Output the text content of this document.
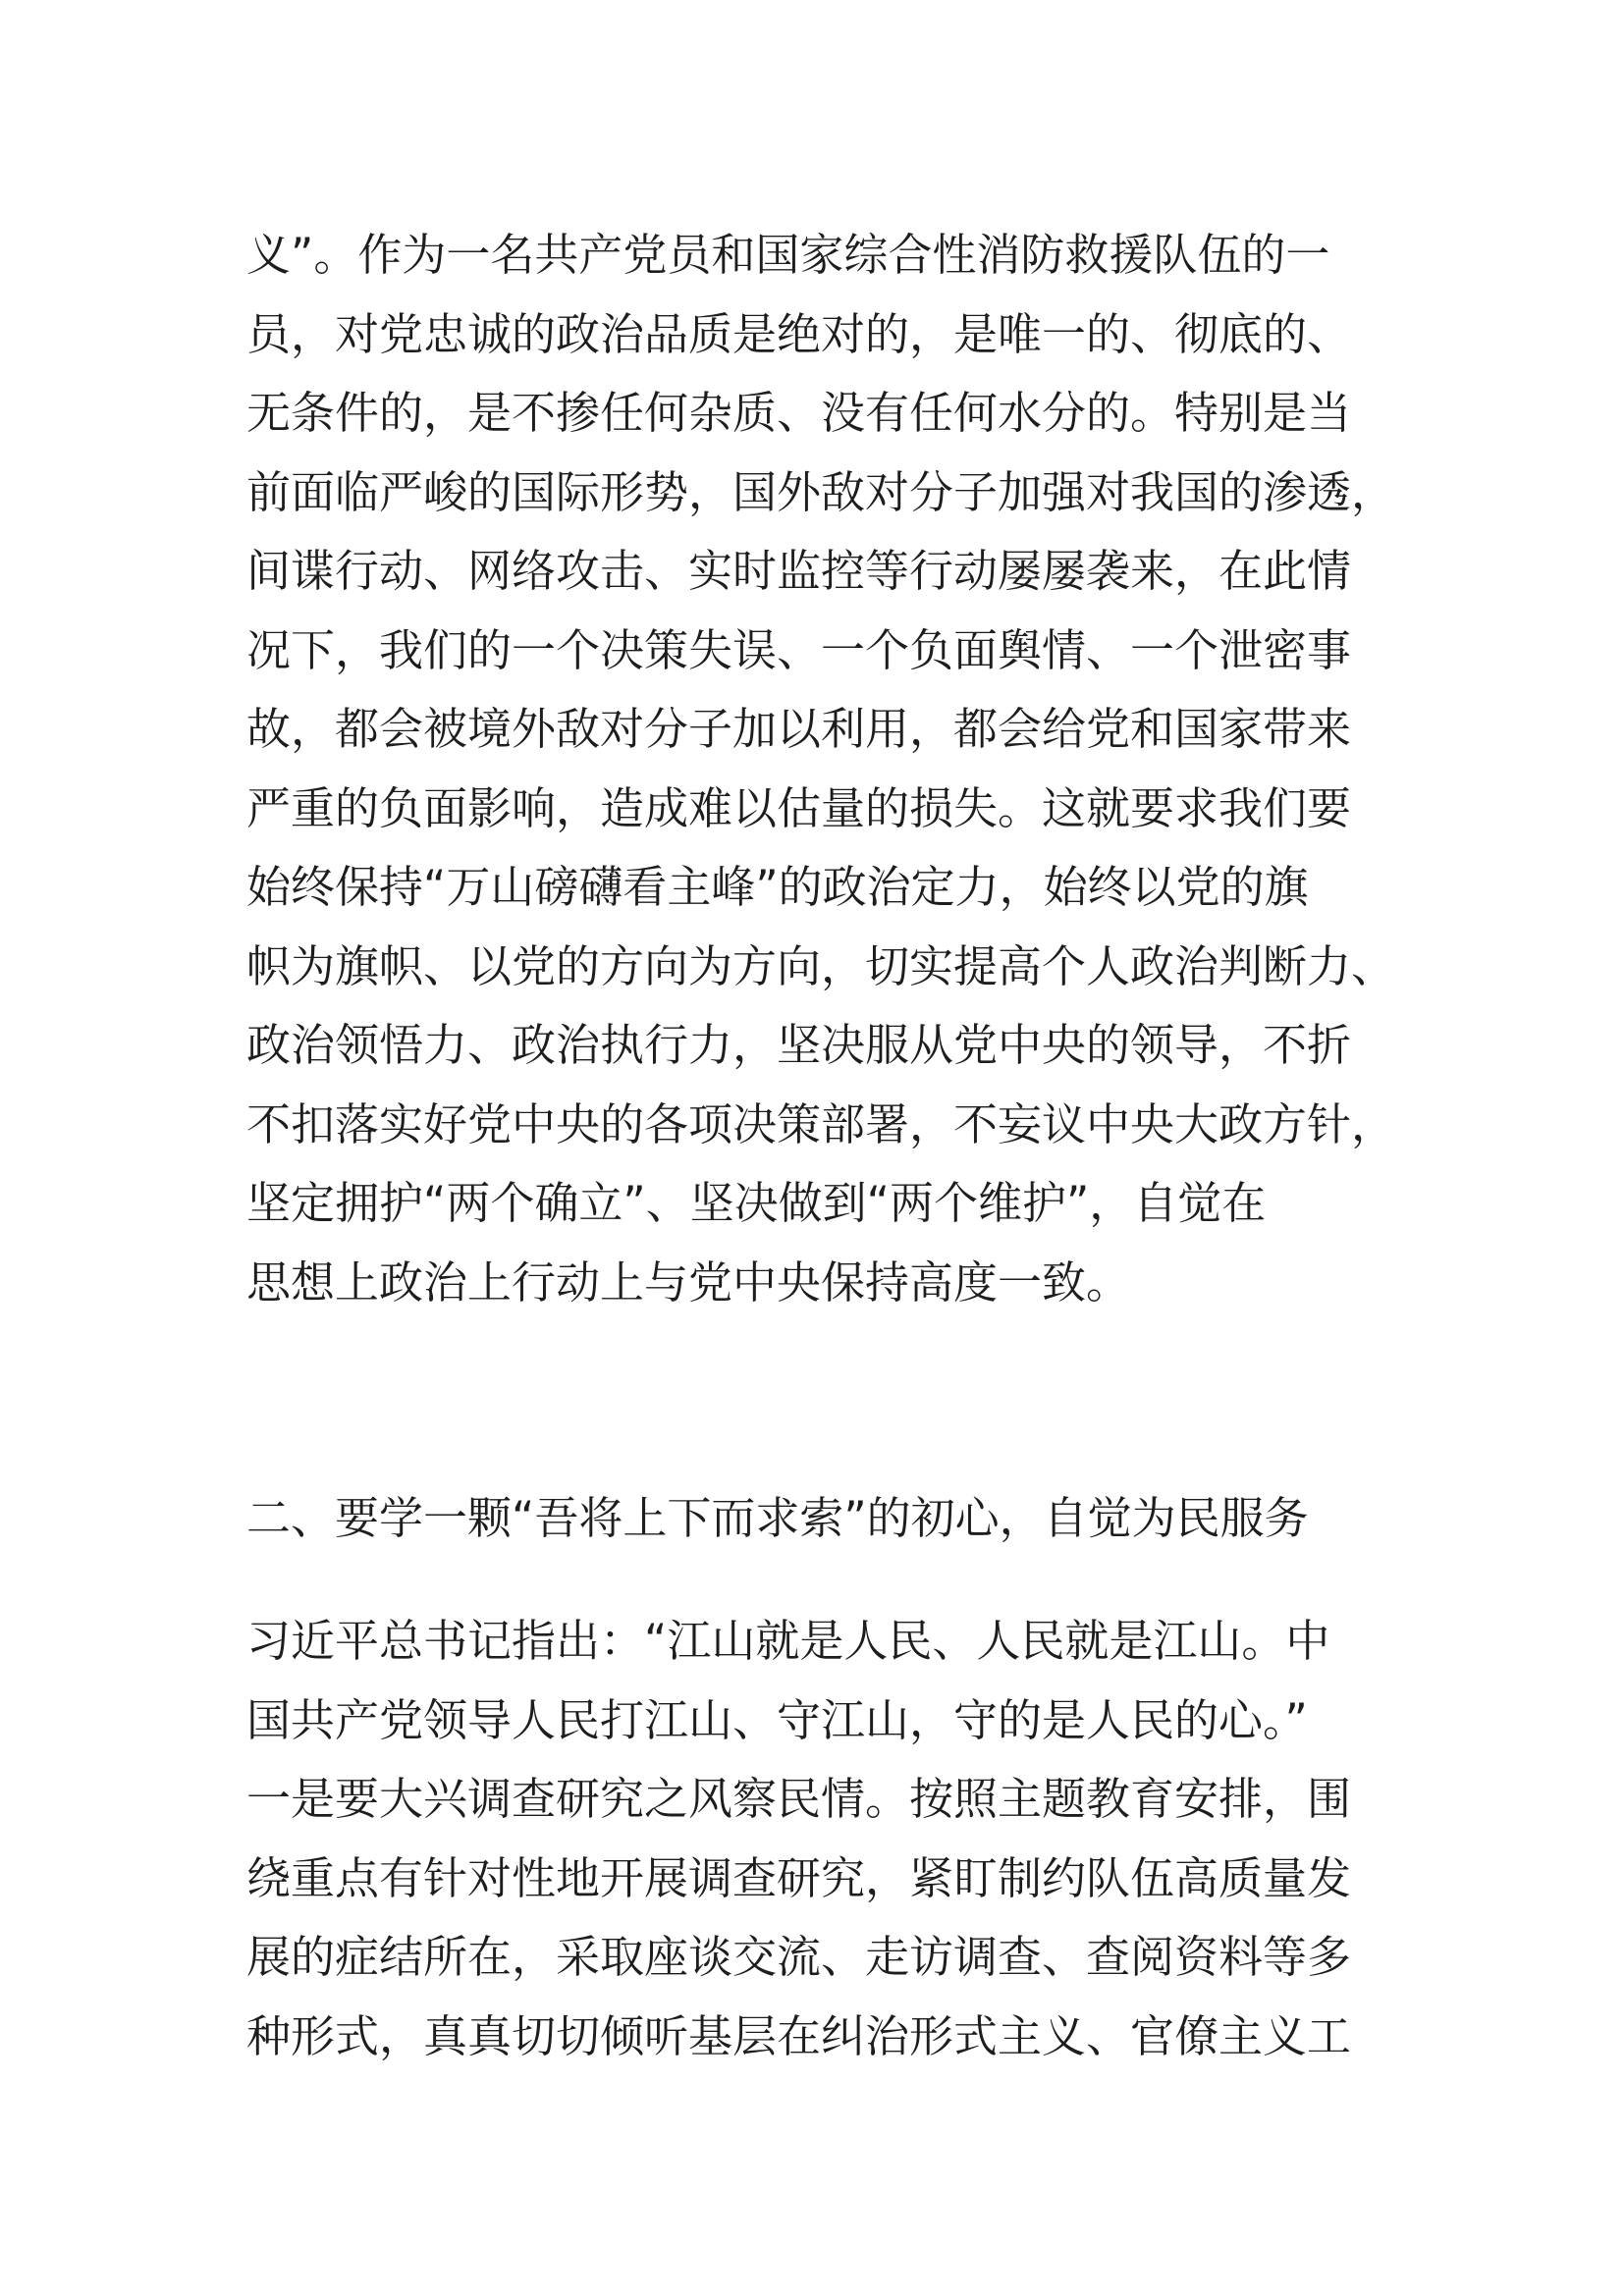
义”。作为一名共产党员和国家综合性消防救援队伍的一
员，对党忠诚的政治品质是绝对的，是唯一的、彻底的、
无条件的，是不掺任何杂质、没有任何水分的。特别是当
前面临严峻的国际形势，国外敌对分子加强对我国的渗透，
间谍行动、网络攻击、实时监控等行动屡屡袭来，在此情
况下，我们的一个决策失误、一个负面舆情、一个泄密事
故，都会被境外敌对分子加以利用，都会给党和国家带来
严重的负面影响，造成难以估量的损失。这就要求我们要
始终保持“万山磅礴看主峰”的政治定力，始终以党的旗
帜为旗帜、以党的方向为方向，切实提高个人政治判断力、
政治领悟力、政治执行力，坚决服从党中央的领导，不折
不扣落实好党中央的各项决策部署，不妄议中央大政方针，
坚定拥护“两个确立”、坚决做到“两个维护”，自觉在
思想上政治上行动上与党中央保持高度一致。

二、要学一颗“吾将上下而求索”的初心，自觉为民服务

习近平总书记指出：“江山就是人民、人民就是江山。中
国共产党领导人民打江山、守江山，守的是人民的心。”
一是要大兴调查研究之风察民情。按照主题教育安排，围
绕重点有针对性地开展调查研究，紧盯制约队伍高质量发
展的症结所在，采取座谈交流、走访调查、查阅资料等多
种形式，真真切切倾听基层在纠治形式主义、官僚主义工
